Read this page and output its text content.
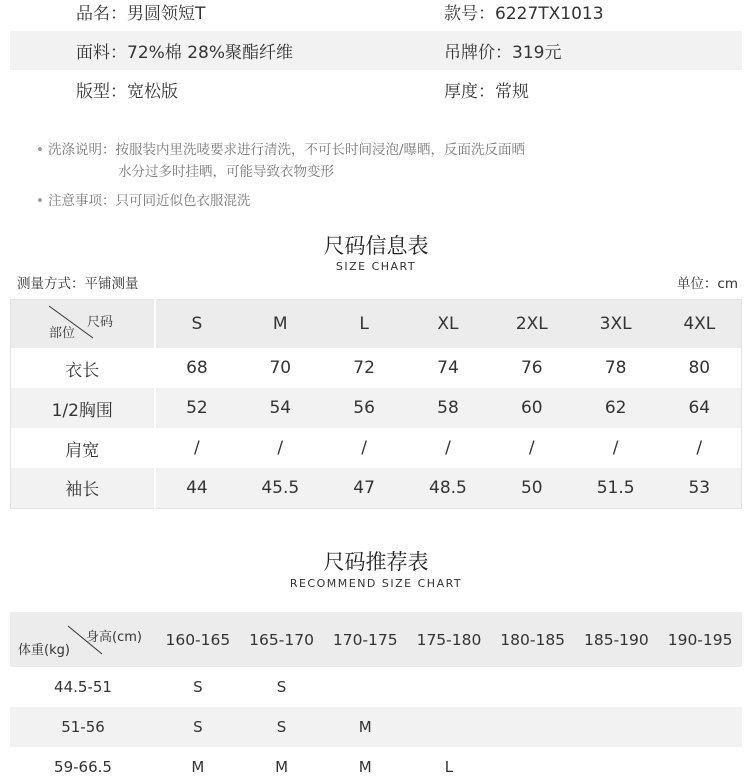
品名：男圆领短T	款号：6227TX1013
面料：72%棉 28%聚酯纤维	吊牌价：319元
版型：宽松版	厚度：常规
• 洗涤说明：按服装内里洗唛要求进行清洗，不可长时间浸泡/曝晒，反面洗反面晒
水分过多时挂晒，可能导致衣物变形
• 注意事项：只可同近似色衣服混洗
尺码信息表
SIZE CHART
测量方式：平铺测量	单位：cm
尺码
部位	S	M	L	XL	2XL	3XL	4XL
衣长	68	70	72	74	76	78	80
1/2胸围	52	54	56	58	60	62	64
肩宽	/	/	/	/	/	/	/
袖长	44	45.5	47	48.5	50	51.5	53
尺码推荐表
RECOMMEND SIZE CHART
身高(cm)
体重(kg)	160-165	165-170	170-175	175-180	180-185	185-190	190-195
44.5-51	S	S					
51-56	S	S	M				
59-66.5	M	M	M	L			
